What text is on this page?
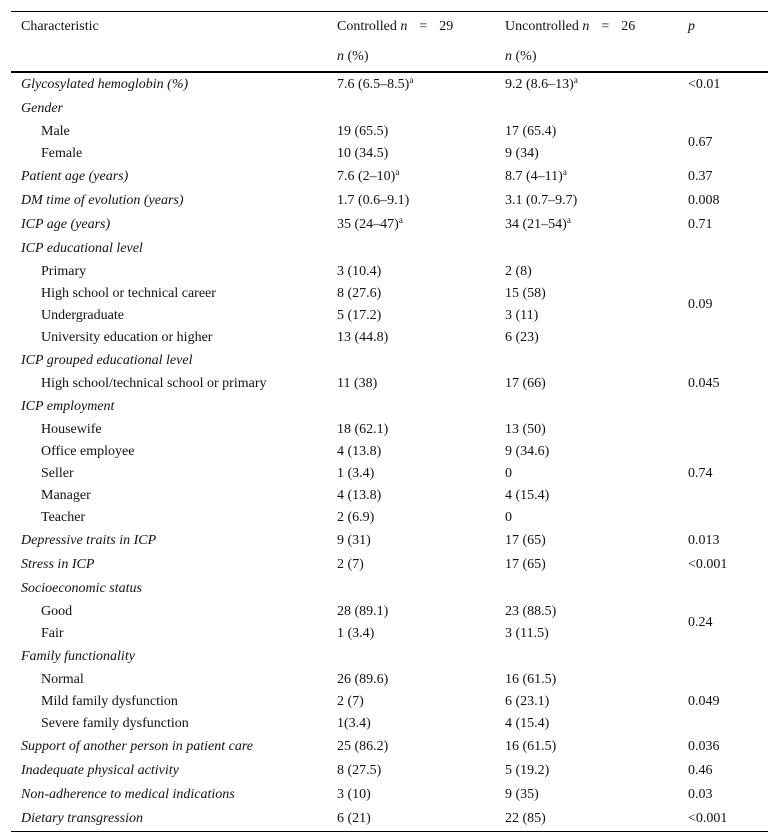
Characteristic	Controlled n = 29	Uncontrolled n = 26	p
	n (%)	n (%)	
Glycosylated hemoglobin (%)	7.6 $(6.5-8.5)^a$	9.2 $(8.6-13)^a$	<0.01
Gender			
Male	19 (65.5)	17 (65.4)	0.67
Female	10 (34.5)	9 (34)	
Patient age (years)	7.6 $(2-10)^a$	8.7 $(4-11)^a$	0.37
DM time of evolution (years)	1.7 (0.6–9.1)	3.1 (0.7–9.7)	0.008
ICP age (years)	35 $(24-47)^a$	34 $(21-54)^a$	0.71
ICP educational level			
Primary	3 (10.4)	2 (8)	0.09
High school or technical career	8 (27.6)	15 (58)	
Undergraduate	5 (17.2)	3 (11)	
University education or higher	13 (44.8)	6 (23)	
ICP grouped educational level			
High school/technical school or primary	11 (38)	17 (66)	0.045
ICP employment			
Housewife	18 (62.1)	13 (50)	0.74
Office employee	4 (13.8)	9 (34.6)	
Seller	1 (3.4)	0	
Manager	4 (13.8)	4 (15.4)	
Teacher	2 (6.9)	0	
Depressive traits in ICP	9 (31)	17 (65)	0.013
Stress in ICP	2 (7)	17 (65)	<0.001
Socioeconomic status			
Good	28 (89.1)	23 (88.5)	0.24
Fair	1 (3.4)	3 (11.5)	
Family functionality			
Normal	26 (89.6)	16 (61.5)	0.049
Mild family dysfunction	2 (7)	6 (23.1)	
Severe family dysfunction	1(3.4)	4 (15.4)	
Support of another person in patient care	25 (86.2)	16 (61.5)	0.036
Inadequate physical activity	8 (27.5)	5 (19.2)	0.46
Non-adherence to medical indications	3 (10)	9 (35)	0.03
Dietary transgression	6 (21)	22 (85)	<0.001
